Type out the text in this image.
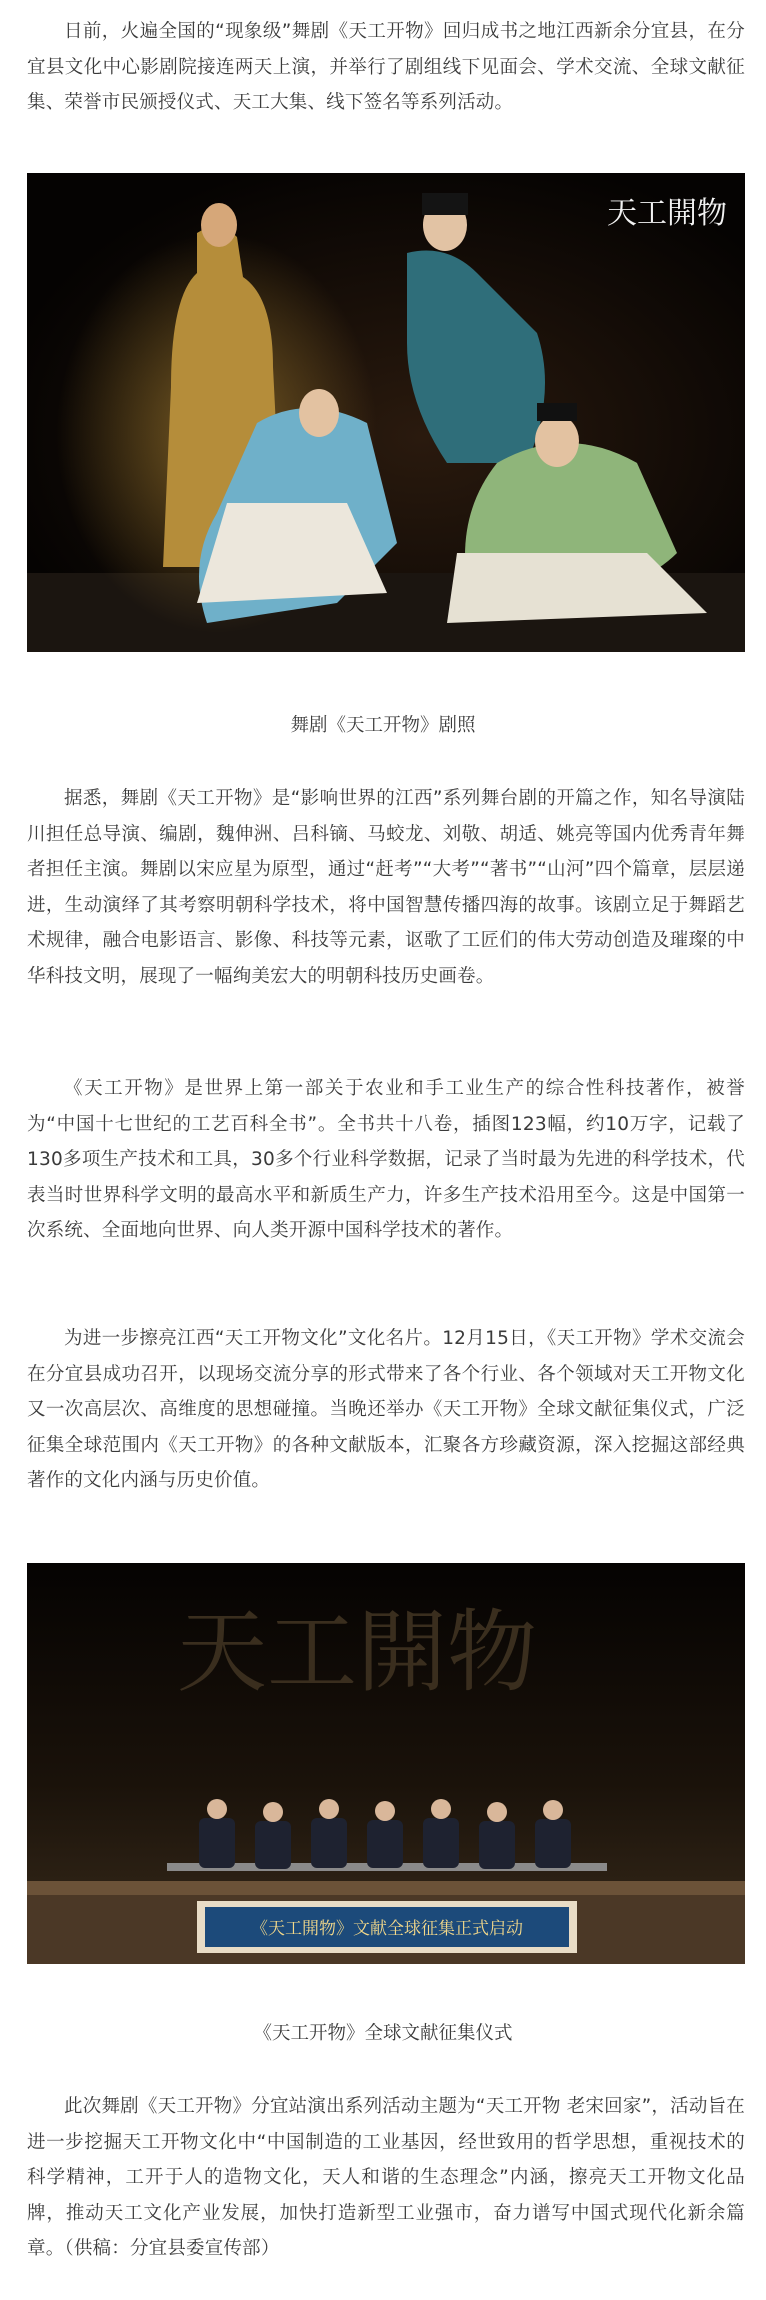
日前，火遍全国的“现象级”舞剧《天工开物》回归成书之地江西新余分宜县，在分宜县文化中心影剧院接连两天上演，并举行了剧组线下见面会、学术交流、全球文献征集、荣誉市民颁授仪式、天工大集、线下签名等系列活动。

天工開物

舞剧《天工开物》剧照

据悉，舞剧《天工开物》是“影响世界的江西”系列舞台剧的开篇之作，知名导演陆川担任总导演、编剧，魏伸洲、吕科镝、马蛟龙、刘敬、胡适、姚亮等国内优秀青年舞者担任主演。舞剧以宋应星为原型，通过“赶考”“大考”“著书”“山河”四个篇章，层层递进，生动演绎了其考察明朝科学技术，将中国智慧传播四海的故事。该剧立足于舞蹈艺术规律，融合电影语言、影像、科技等元素，讴歌了工匠们的伟大劳动创造及璀璨的中华科技文明，展现了一幅绚美宏大的明朝科技历史画卷。

《天工开物》是世界上第一部关于农业和手工业生产的综合性科技著作，被誉为“中国十七世纪的工艺百科全书”。全书共十八卷，插图123幅，约10万字，记载了130多项生产技术和工具，30多个行业科学数据，记录了当时最为先进的科学技术，代表当时世界科学文明的最高水平和新质生产力，许多生产技术沿用至今。这是中国第一次系统、全面地向世界、向人类开源中国科学技术的著作。

为进一步擦亮江西“天工开物文化”文化名片。12月15日，《天工开物》学术交流会在分宜县成功召开，以现场交流分享的形式带来了各个行业、各个领域对天工开物文化又一次高层次、高维度的思想碰撞。当晚还举办《天工开物》全球文献征集仪式，广泛征集全球范围内《天工开物》的各种文献版本，汇聚各方珍藏资源，深入挖掘这部经典著作的文化内涵与历史价值。

天工開物
《天工開物》文献全球征集正式启动

《天工开物》全球文献征集仪式

此次舞剧《天工开物》分宜站演出系列活动主题为“天工开物 老宋回家”，活动旨在进一步挖掘天工开物文化中“中国制造的工业基因，经世致用的哲学思想，重视技术的科学精神，工开于人的造物文化，天人和谐的生态理念”内涵，擦亮天工开物文化品牌，推动天工文化产业发展，加快打造新型工业强市，奋力谱写中国式现代化新余篇章。（供稿：分宜县委宣传部）
